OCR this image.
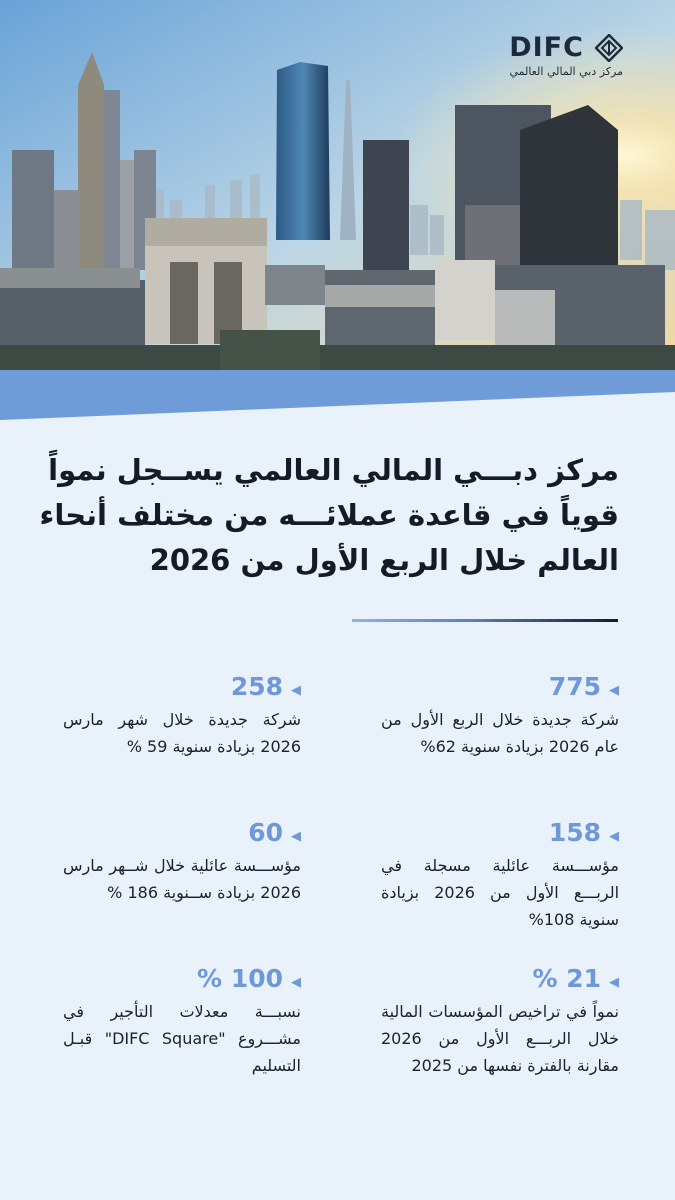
DIFC
مركز دبي المالي العالمي
مركز دبـــي المالي العالمي يســجل نمواً
قوياً في قاعدة عملائـــه من مختلف أنحاء
العالم خلال الربع الأول من 2026
◀775
شركة جديدة خلال الربع الأول من عام 2026 بزيادة سنوية 62%
◀258
شركة جديدة خلال شهر مارس 2026 بزيادة سنوية 59 %
◀158
مؤســـسة عائلية مسجلة في الربـــع الأول من 2026 بزيادة سنوية 108%
◀60
مؤســـسة عائلية خلال شــهر مارس 2026 بزيادة ســنوية 186 %
◀21 %
نمواً في تراخيص المؤسسات المالية خلال الربـــع الأول من 2026 مقارنة بالفترة نفسها من 2025
◀100 %
نسبـــة معدلات التأجير في مشـــروع "DIFC Square" قبـل التسليم
